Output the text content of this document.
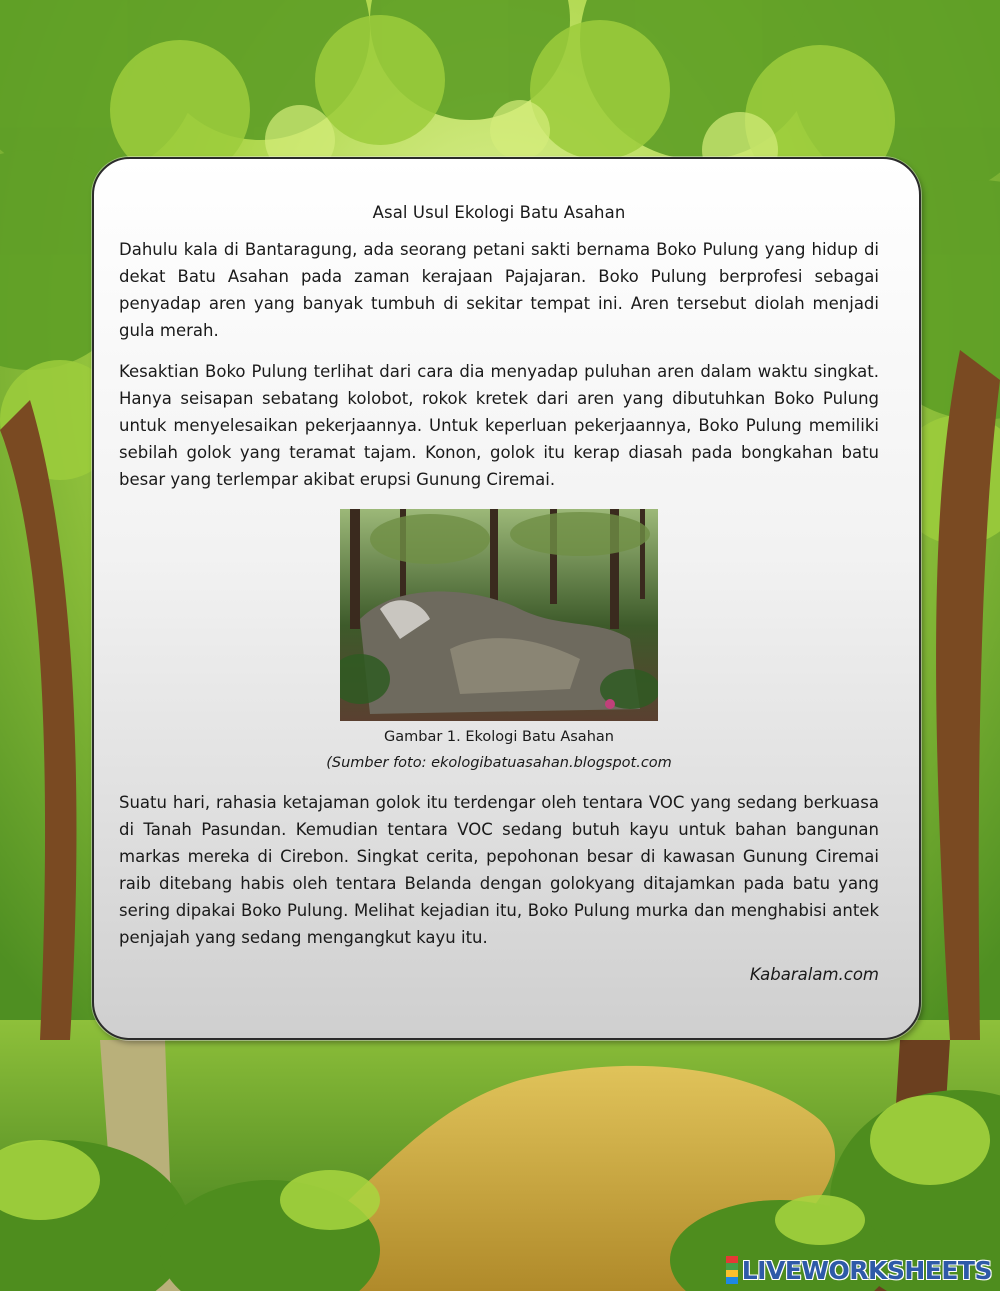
Asal Usul Ekologi Batu Asahan

Dahulu kala di Bantaragung, ada seorang petani sakti bernama Boko Pulung yang hidup di dekat Batu Asahan pada zaman kerajaan Pajajaran. Boko Pulung berprofesi sebagai penyadap aren yang banyak tumbuh di sekitar tempat ini. Aren tersebut diolah menjadi gula merah.

Kesaktian Boko Pulung terlihat dari cara dia menyadap puluhan aren dalam waktu singkat. Hanya seisapan sebatang kolobot, rokok kretek dari aren yang dibutuhkan Boko Pulung untuk menyelesaikan pekerjaannya. Untuk keperluan pekerjaannya, Boko Pulung memiliki sebilah golok yang teramat tajam. Konon, golok itu kerap diasah pada bongkahan batu besar yang terlempar akibat erupsi Gunung Ciremai.

Gambar 1. Ekologi Batu Asahan
(Sumber foto: ekologibatuasahan.blogspot.com

Suatu hari, rahasia ketajaman golok itu terdengar oleh tentara VOC yang sedang berkuasa di Tanah Pasundan. Kemudian tentara VOC sedang butuh kayu untuk bahan bangunan markas mereka di Cirebon. Singkat cerita, pepohonan besar di kawasan Gunung Ciremai raib ditebang habis oleh tentara Belanda dengan golokyang ditajamkan pada batu yang sering dipakai Boko Pulung. Melihat kejadian itu, Boko Pulung murka dan menghabisi antek penjajah yang sedang mengangkut kayu itu.

Kabaralam.com
LIVEWORKSHEETS
